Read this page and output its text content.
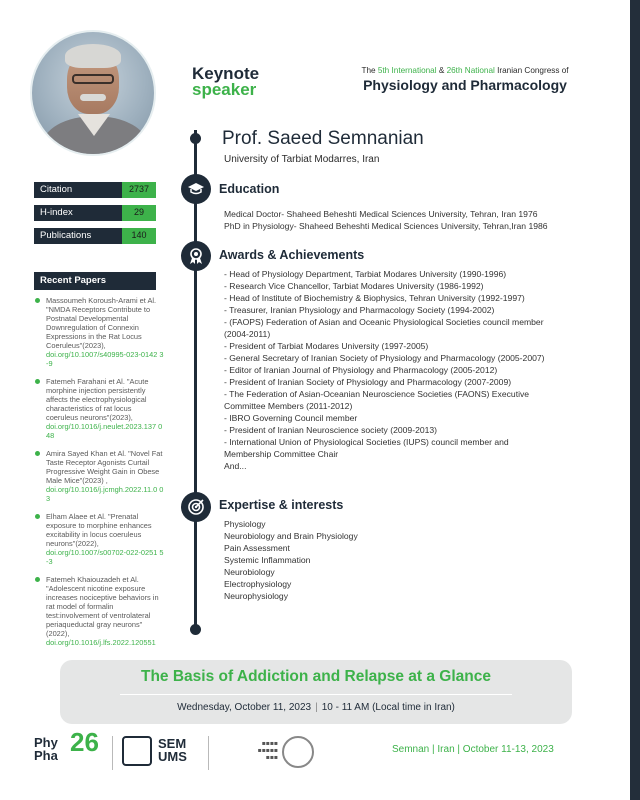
Keynote
speaker
The 5th International & 26th National Iranian Congress of
Physiology and Pharmacology
Prof. Saeed Semnanian
University of Tarbiat Modarres, Iran
Citation	2737
H-index	29
Publications	140
Recent Papers
Massoumeh Koroush-Arami et Al. "NMDA Receptors Contribute to Postnatal Developmental Downregulation of Connexin Expressions in the Rat Locus Coeruleus"(2023),
doi.org/10.1007/s40995-023-0142 3-9
Fatemeh Farahani et Al. "Acute morphine injection persistently affects the electrophysiological characteristics of rat locus coeruleus neurons"(2023),
doi.org/10.1016/j.neulet.2023.137 048
Amira Sayed Khan et Al. "Novel Fat Taste Receptor Agonists Curtail Progressive Weight Gain in Obese Male Mice"(2023) ,
doi.org/10.1016/j.jcmgh.2022.11.0 03
Elham Alaee et Al. "Prenatal exposure to morphine enhances excitability in locus coeruleus neurons"(2022),
doi.org/10.1007/s00702-022-0251 5-3
Fatemeh Khaiouzadeh et Al. "Adolescent nicotine exposure increases nociceptive behaviors in rat model of formalin test:involvement of ventrolateral periaqueductal gray neurons"(2022),
doi.org/10.1016/j.lfs.2022.120551
Education
Medical Doctor- Shaheed Beheshti Medical Sciences University, Tehran, Iran 1976
PhD in Physiology- Shaheed Beheshti Medical Sciences University, Tehran,Iran 1986
Awards & Achievements
- Head of Physiology Department, Tarbiat Modares University (1990-1996)
- Research Vice Chancellor, Tarbiat Modares University (1986-1992)
- Head of Institute of Biochemistry & Biophysics, Tehran University (1992-1997)
- Treasurer, Iranian Physiology and Pharmacology Society (1994-2002)
- (FAOPS) Federation of Asian and Oceanic Physiological Societies council member
(2004-2011)
- President of Tarbiat Modares University (1997-2005)
- General Secretary of Iranian Society of Physiology and Pharmacology (2005-2007)
- Editor of Iranian Journal of Physiology and Pharmacology (2005-2012)
- President of Iranian Society of Physiology and Pharmacology (2007-2009)
- The Federation of Asian-Oceanian Neuroscience Societies (FAONS) Executive
Committee Members (2011-2012)
- IBRO Governing Council member
- President of Iranian Neuroscience society (2009-2013)
- International Union of Physiological Societies (IUPS) council member and
Membership Committee Chair
And...
Expertise & interests
Physiology
Neurobiology and Brain Physiology
Pain Assessment
Systemic Inflammation
Neurobiology
Electrophysiology
Neurophysiology
The Basis of Addiction and Relapse at a Glance
Wednesday, October 11, 2023 | 10 - 11 AM (Local time in Iran)
Phy
Pha 26	SEM
UMS
▪▪▪▪
▪▪▪▪▪
▪▪▪
Semnan | Iran | October 11-13, 2023
